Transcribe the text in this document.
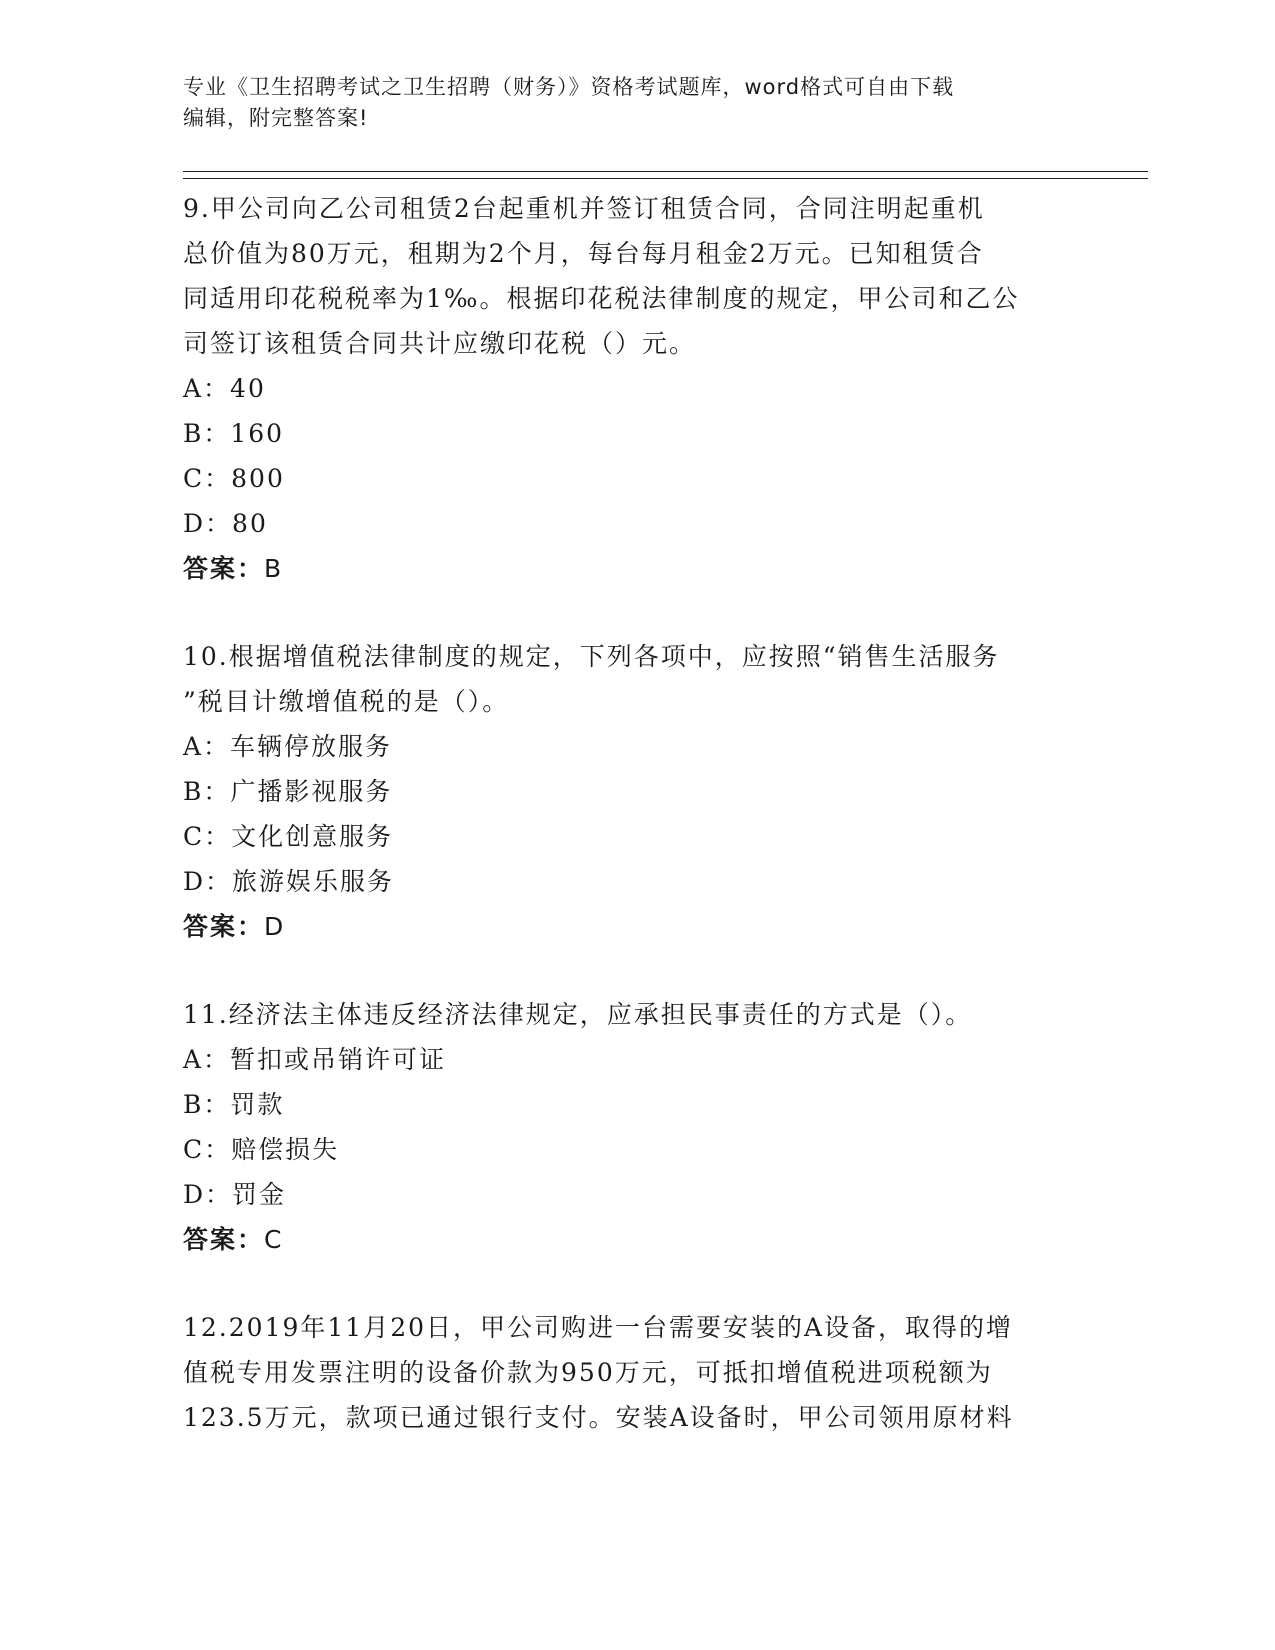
专业《卫生招聘考试之卫生招聘（财务）》资格考试题库，word格式可自由下载
编辑，附完整答案!

9.甲公司向乙公司租赁2台起重机并签订租赁合同，合同注明起重机

总价值为80万元，租期为2个月，每台每月租金2万元。已知租赁合

同适用印花税税率为1‰。根据印花税法律制度的规定，甲公司和乙公

司签订该租赁合同共计应缴印花税（）元。

A：40

B：160

C：800

D：80

答案：B

10.根据增值税法律制度的规定，下列各项中，应按照“销售生活服务

”税目计缴增值税的是（）。

A：车辆停放服务

B：广播影视服务

C：文化创意服务

D：旅游娱乐服务

答案：D

11.经济法主体违反经济法律规定，应承担民事责任的方式是（）。

A：暂扣或吊销许可证

B：罚款

C：赔偿损失

D：罚金

答案：C

12.2019年11月20日，甲公司购进一台需要安装的A设备，取得的增

值税专用发票注明的设备价款为950万元，可抵扣增值税进项税额为

123.5万元，款项已通过银行支付。安装A设备时，甲公司领用原材料
